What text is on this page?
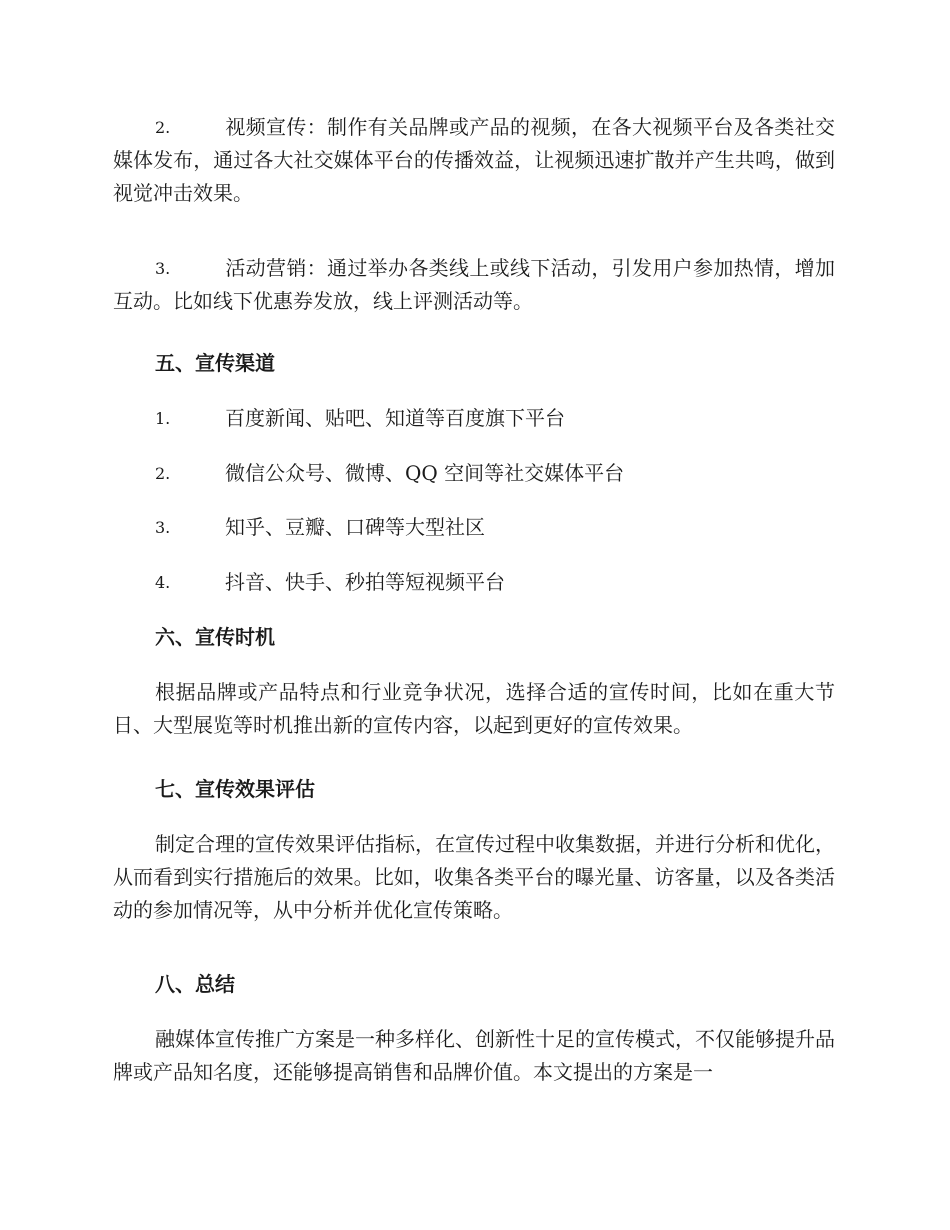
2.	视频宣传：制作有关品牌或产品的视频，在各大视频平台及各类社交媒体发布，通过各大社交媒体平台的传播效益，让视频迅速扩散并产生共鸣，做到视觉冲击效果。

3.	活动营销：通过举办各类线上或线下活动，引发用户参加热情，增加互动。比如线下优惠券发放，线上评测活动等。

五、宣传渠道

1.	百度新闻、贴吧、知道等百度旗下平台

2.	微信公众号、微博、QQ 空间等社交媒体平台

3.	知乎、豆瓣、口碑等大型社区

4.	抖音、快手、秒拍等短视频平台

六、宣传时机

根据品牌或产品特点和行业竞争状况，选择合适的宣传时间，比如在重大节日、大型展览等时机推出新的宣传内容，以起到更好的宣传效果。

七、宣传效果评估

制定合理的宣传效果评估指标，在宣传过程中收集数据，并进行分析和优化，从而看到实行措施后的效果。比如，收集各类平台的曝光量、访客量，以及各类活动的参加情况等，从中分析并优化宣传策略。

八、总结

融媒体宣传推广方案是一种多样化、创新性十足的宣传模式，不仅能够提升品牌或产品知名度，还能够提高销售和品牌价值。本文提出的方案是一
